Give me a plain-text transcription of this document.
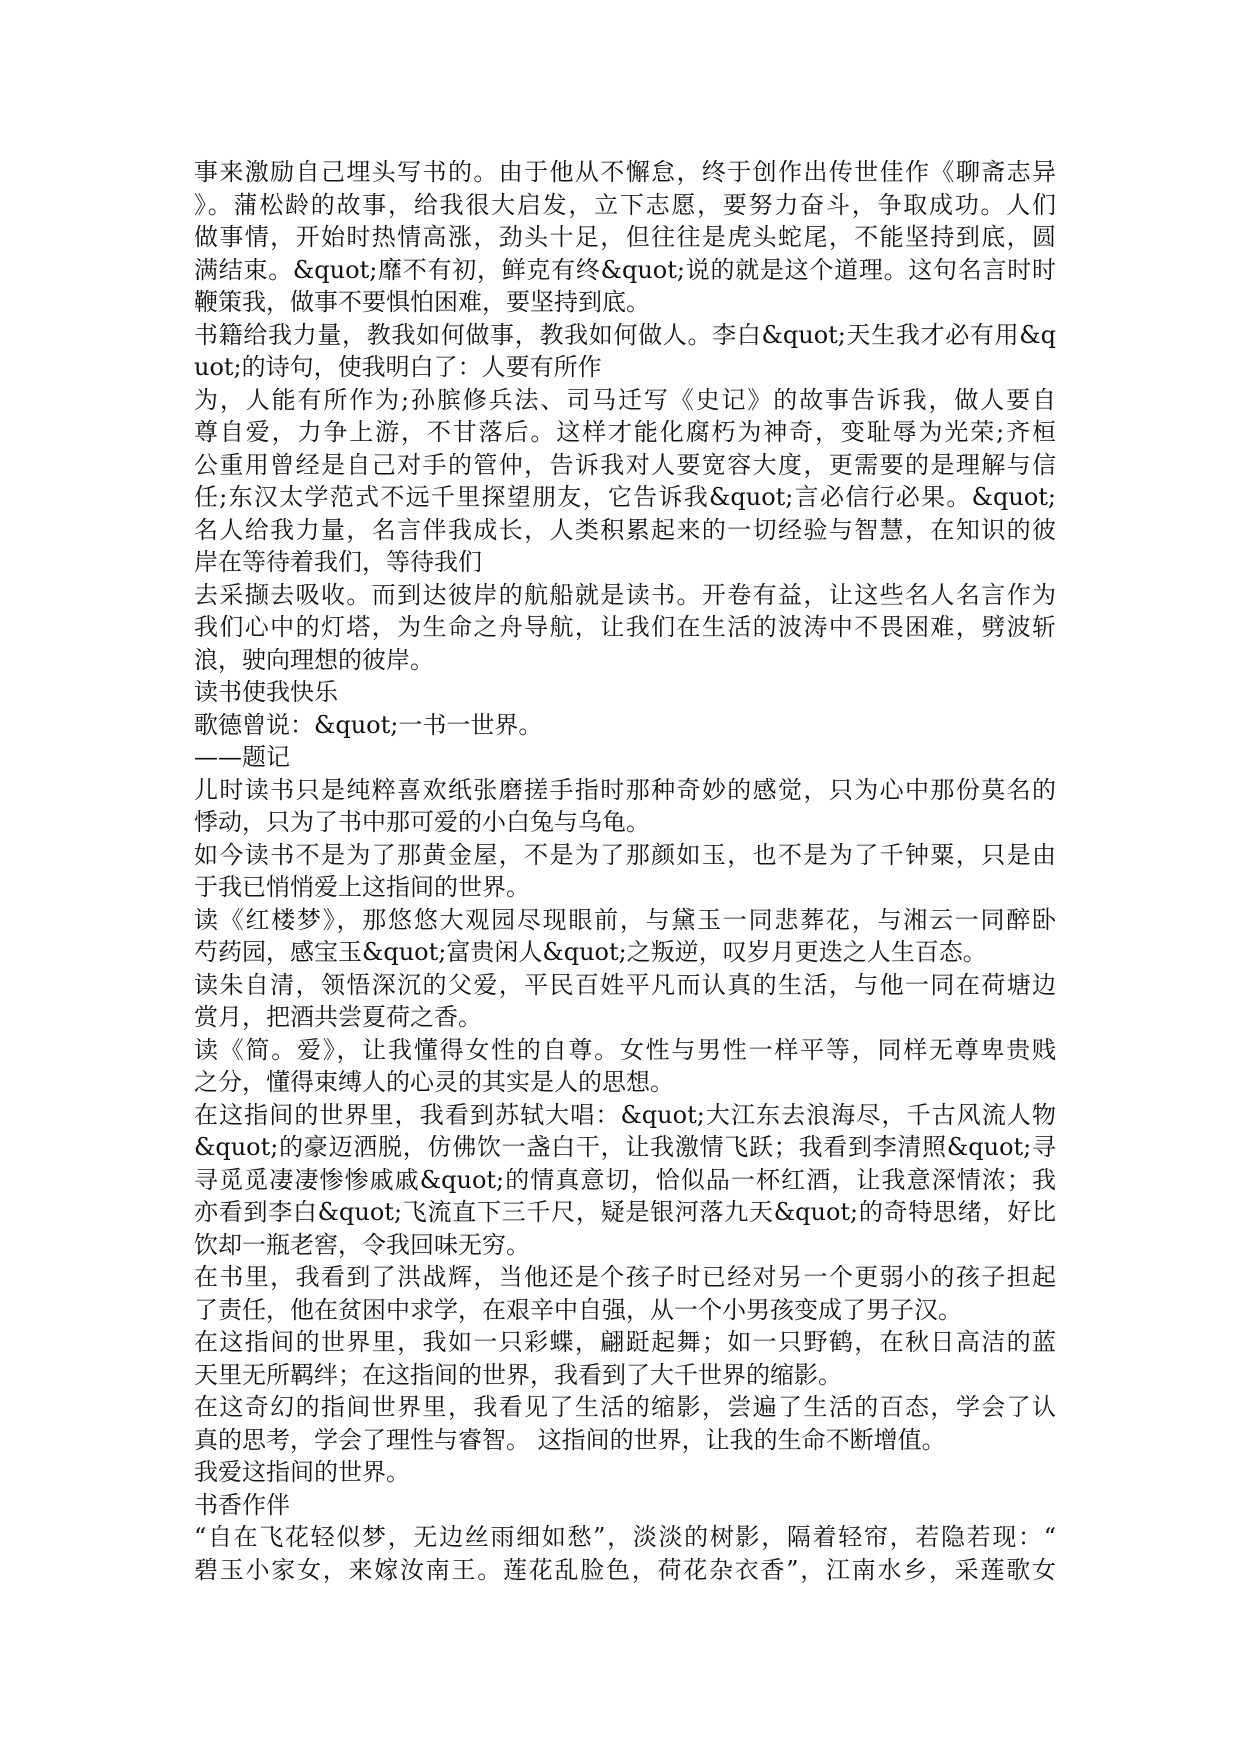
事来激励自己埋头写书的。由于他从不懈怠，终于创作出传世佳作《聊斋志异
》。蒲松龄的故事，给我很大启发，立下志愿，要努力奋斗，争取成功。人们
做事情，开始时热情高涨，劲头十足，但往往是虎头蛇尾，不能坚持到底，圆
满结束。&quot;靡不有初，鲜克有终&quot;说的就是这个道理。这句名言时时
鞭策我，做事不要惧怕困难，要坚持到底。
书籍给我力量，教我如何做事，教我如何做人。李白&quot;天生我才必有用&q
uot;的诗句，使我明白了：人要有所作
为，人能有所作为;孙膑修兵法、司马迁写《史记》的故事告诉我，做人要自
尊自爱，力争上游，不甘落后。这样才能化腐朽为神奇，变耻辱为光荣;齐桓
公重用曾经是自己对手的管仲，告诉我对人要宽容大度，更需要的是理解与信
任;东汉太学范式不远千里探望朋友，它告诉我&quot;言必信行必果。&quot;
名人给我力量，名言伴我成长，人类积累起来的一切经验与智慧，在知识的彼
岸在等待着我们，等待我们
去采撷去吸收。而到达彼岸的航船就是读书。开卷有益，让这些名人名言作为
我们心中的灯塔，为生命之舟导航，让我们在生活的波涛中不畏困难，劈波斩
浪，驶向理想的彼岸。
读书使我快乐
歌德曾说：&quot;一书一世界。
——题记
儿时读书只是纯粹喜欢纸张磨搓手指时那种奇妙的感觉，只为心中那份莫名的
悸动，只为了书中那可爱的小白兔与乌龟。
如今读书不是为了那黄金屋，不是为了那颜如玉，也不是为了千钟粟，只是由
于我已悄悄爱上这指间的世界。
读《红楼梦》，那悠悠大观园尽现眼前，与黛玉一同悲葬花，与湘云一同醉卧
芍药园，感宝玉&quot;富贵闲人&quot;之叛逆，叹岁月更迭之人生百态。
读朱自清，领悟深沉的父爱，平民百姓平凡而认真的生活，与他一同在荷塘边
赏月，把酒共尝夏荷之香。
读《简。爱》，让我懂得女性的自尊。女性与男性一样平等，同样无尊卑贵贱
之分，懂得束缚人的心灵的其实是人的思想。
在这指间的世界里，我看到苏轼大唱：&quot;大江东去浪海尽，千古风流人物
&quot;的豪迈洒脱，仿佛饮一盏白干，让我激情飞跃；我看到李清照&quot;寻
寻觅觅凄凄惨惨戚戚&quot;的情真意切，恰似品一杯红酒，让我意深情浓；我
亦看到李白&quot;飞流直下三千尺，疑是银河落九天&quot;的奇特思绪，好比
饮却一瓶老窖，令我回味无穷。
在书里，我看到了洪战辉，当他还是个孩子时已经对另一个更弱小的孩子担起
了责任，他在贫困中求学，在艰辛中自强，从一个小男孩变成了男子汉。
在这指间的世界里，我如一只彩蝶，翩跹起舞；如一只野鹤，在秋日高洁的蓝
天里无所羁绊；在这指间的世界，我看到了大千世界的缩影。
在这奇幻的指间世界里，我看见了生活的缩影，尝遍了生活的百态，学会了认
真的思考，学会了理性与睿智。 这指间的世界，让我的生命不断增值。
我爱这指间的世界。
书香作伴
“自在飞花轻似梦，无边丝雨细如愁”，淡淡的树影，隔着轻帘，若隐若现：“
碧玉小家女，来嫁汝南王。莲花乱脸色，荷花杂衣香”，江南水乡，采莲歌女
